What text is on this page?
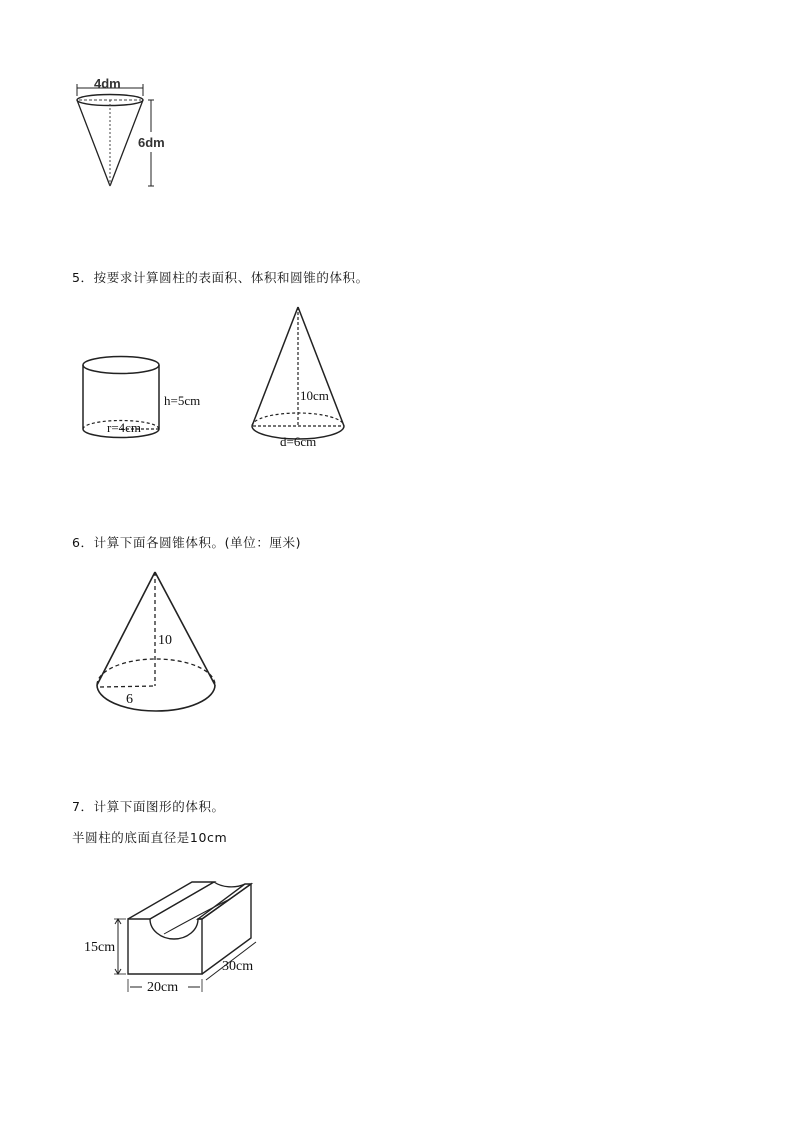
4dm
6dm
5．按要求计算圆柱的表面积、体积和圆锥的体积。
r=4cm
h=5cm	10cm
d=6cm
6．计算下面各圆锥体积。(单位：厘米)
10
6
7．计算下面图形的体积。
半圆柱的底面直径是10cm
15cm
20cm
30cm
